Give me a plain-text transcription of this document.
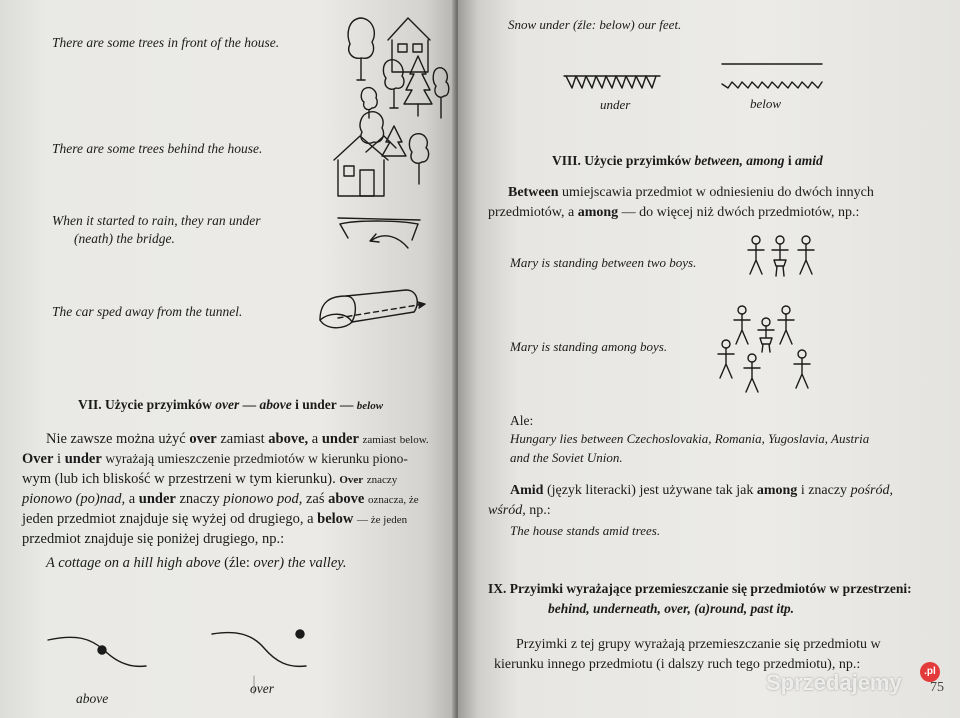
There are some trees in front of the house.
There are some trees behind the house.
When it started to rain, they ran under
(neath) the bridge.
The car sped away from the tunnel.
VII. Użycie przyimków over — above i under — below
Nie zawsze można użyć over zamiast above, a under zamiast below.
Over i under wyrażają umieszczenie przedmiotów w kierunku piono-
wym (lub ich bliskość w przestrzeni w tym kierunku). Over znaczy
pionowo (po)nad, a under znaczy pionowo pod, zaś above oznacza, że
jeden przedmiot znajduje się wyżej od drugiego, a below — że jeden
przedmiot znajduje się poniżej drugiego, np.:
A cottage on a hill high above (źle: over) the valley.
above
over
Snow under (źle: below) our feet.
under	below
VIII. Użycie przyimków between, among i amid
Between umiejscawia przedmiot w odniesieniu do dwóch innych
przedmiotów, a among — do więcej niż dwóch przedmiotów, np.:
Mary is standing between two boys.
Mary is standing among boys.
Ale:
Hungary lies between Czechoslovakia, Romania, Yugoslavia, Austria
and the Soviet Union.
Amid (język literacki) jest używane tak jak among i znaczy pośród,
wśród, np.:
The house stands amid trees.
IX. Przyimki wyrażające przemieszczanie się przedmiotów w przestrzeni:
behind, underneath, over, (a)round, past itp.
Przyimki z tej grupy wyrażają przemieszczanie się przedmiotu w
kierunku innego przedmiotu (i dalszy ruch tego przedmiotu), np.:
75
Sprzedajemy	.pl
